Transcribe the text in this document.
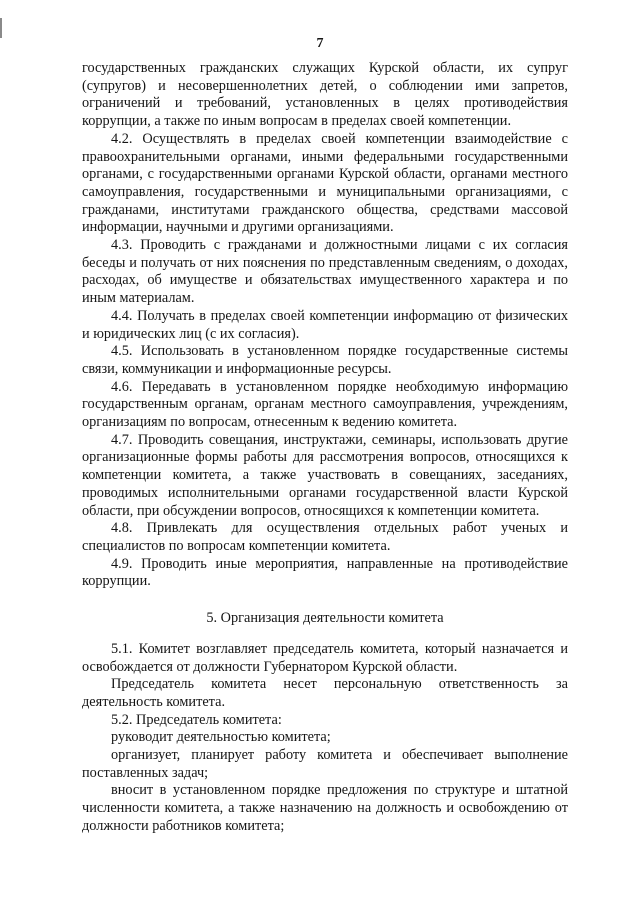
7

государственных гражданских служащих Курской области, их супруг (супругов) и несовершеннолетних детей, о соблюдении ими запретов, ограничений и требований, установленных в целях противодействия коррупции, а также по иным вопросам в пределах своей компетенции.

4.2. Осуществлять в пределах своей компетенции взаимодействие с правоохранительными органами, иными федеральными государственными органами, с государственными органами Курской области, органами местного самоуправления, государственными и муниципальными организациями, с гражданами, институтами гражданского общества, средствами массовой информации, научными и другими организациями.

4.3. Проводить с гражданами и должностными лицами с их согласия беседы и получать от них пояснения по представленным сведениям, о доходах, расходах, об имуществе и обязательствах имущественного характера и по иным материалам.

4.4. Получать в пределах своей компетенции информацию от физических и юридических лиц (с их согласия).

4.5. Использовать в установленном порядке государственные системы связи, коммуникации и информационные ресурсы.

4.6. Передавать в установленном порядке необходимую информацию государственным органам, органам местного самоуправления, учреждениям, организациям по вопросам, отнесенным к ведению комитета.

4.7. Проводить совещания, инструктажи, семинары, использовать другие организационные формы работы для рассмотрения вопросов, относящихся к компетенции комитета, а также участвовать в совещаниях, заседаниях, проводимых исполнительными органами государственной власти Курской области, при обсуждении вопросов, относящихся к компетенции комитета.

4.8. Привлекать для осуществления отдельных работ ученых и специалистов по вопросам компетенции комитета.

4.9. Проводить иные мероприятия, направленные на противодействие коррупции.

5. Организация деятельности комитета

5.1. Комитет возглавляет председатель комитета, который назначается и освобождается от должности Губернатором Курской области.

Председатель комитета несет персональную ответственность за деятельность комитета.

5.2. Председатель комитета:

руководит деятельностью комитета;

организует, планирует работу комитета и обеспечивает выполнение поставленных задач;

вносит в установленном порядке предложения по структуре и штатной численности комитета, а также назначению на должность и освобождению от должности работников комитета;
